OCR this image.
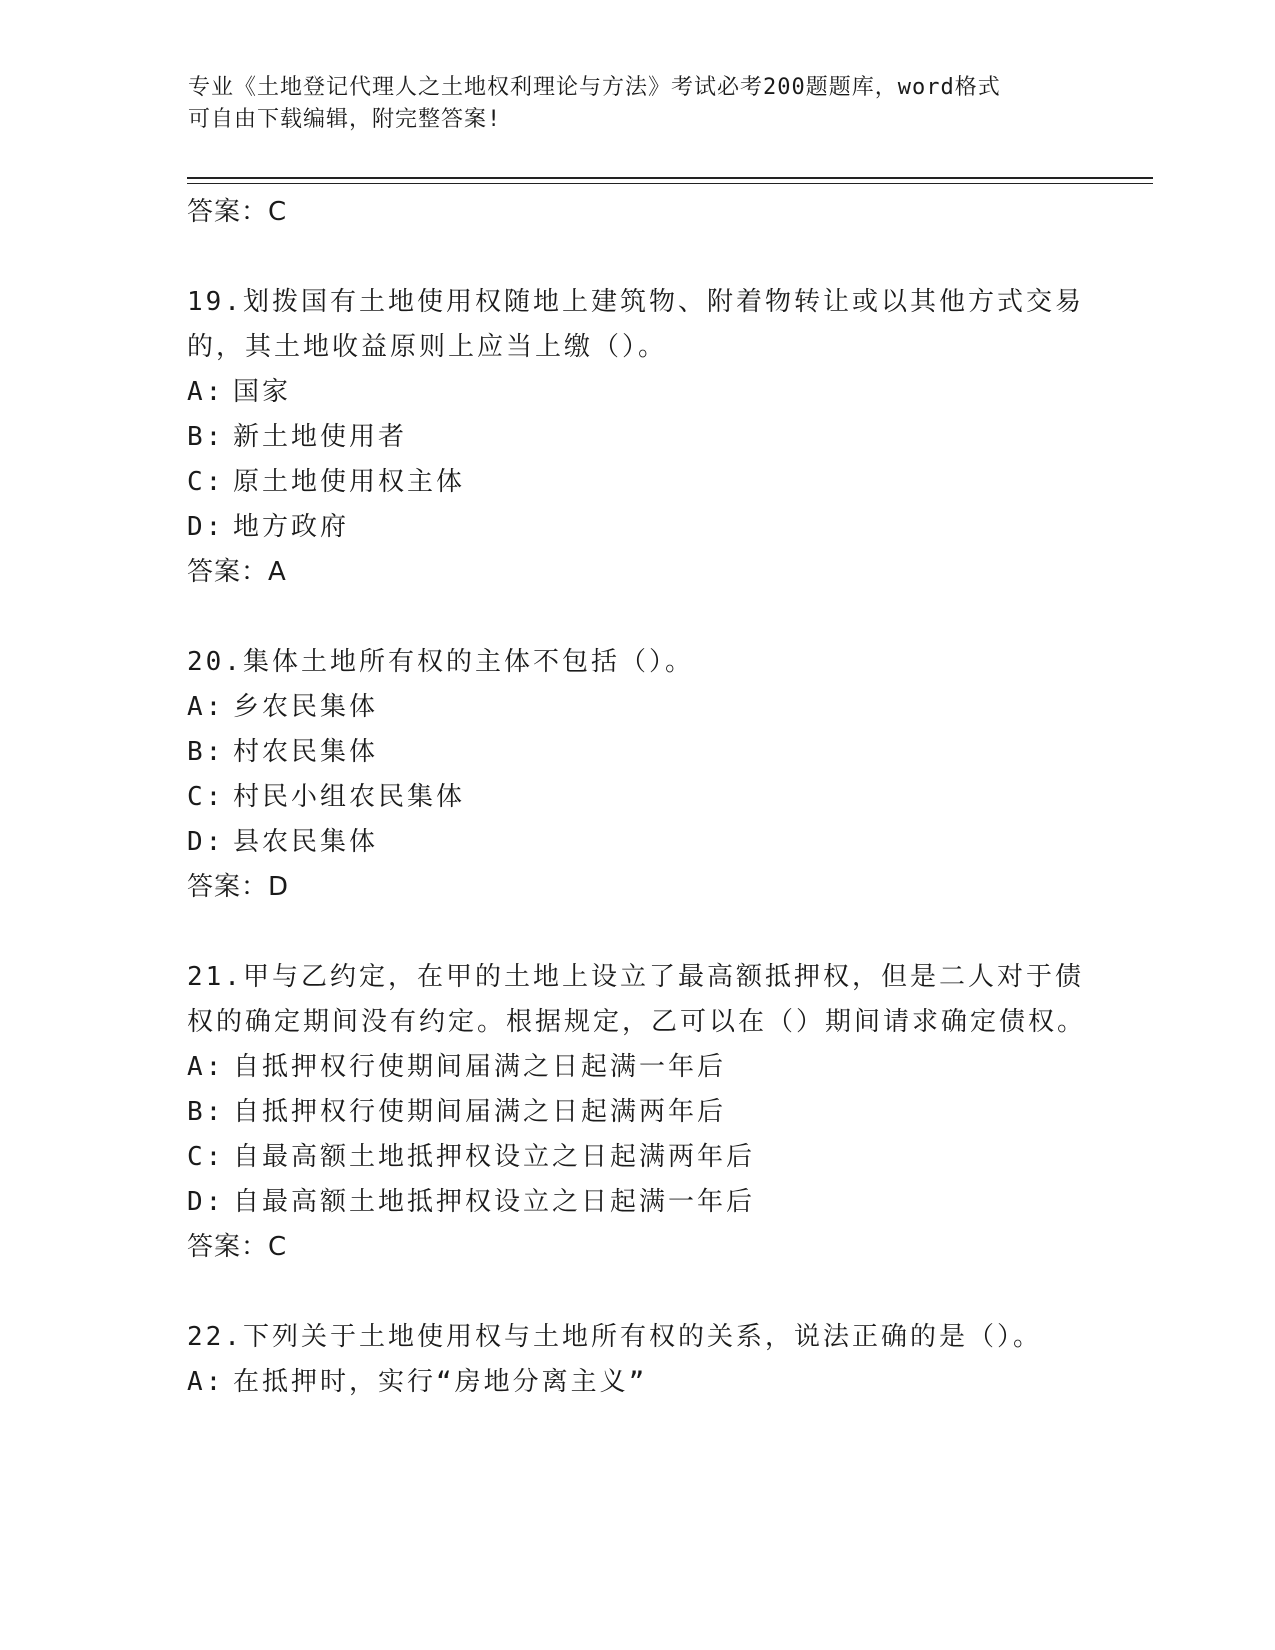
专业《土地登记代理人之土地权利理论与方法》考试必考200题题库，word格式
可自由下载编辑，附完整答案!
答案：C
19.划拨国有土地使用权随地上建筑物、附着物转让或以其他方式交易的，其土地收益原则上应当上缴（）。
A: 国家
B: 新土地使用者
C: 原土地使用权主体
D: 地方政府
答案：A
20.集体土地所有权的主体不包括（）。
A: 乡农民集体
B: 村农民集体
C: 村民小组农民集体
D: 县农民集体
答案：D
21.甲与乙约定，在甲的土地上设立了最高额抵押权，但是二人对于债权的确定期间没有约定。根据规定，乙可以在（）期间请求确定债权。
A: 自抵押权行使期间届满之日起满一年后
B: 自抵押权行使期间届满之日起满两年后
C: 自最高额土地抵押权设立之日起满两年后
D: 自最高额土地抵押权设立之日起满一年后
答案：C
22.下列关于土地使用权与土地所有权的关系，说法正确的是（）。
A: 在抵押时，实行“房地分离主义”
